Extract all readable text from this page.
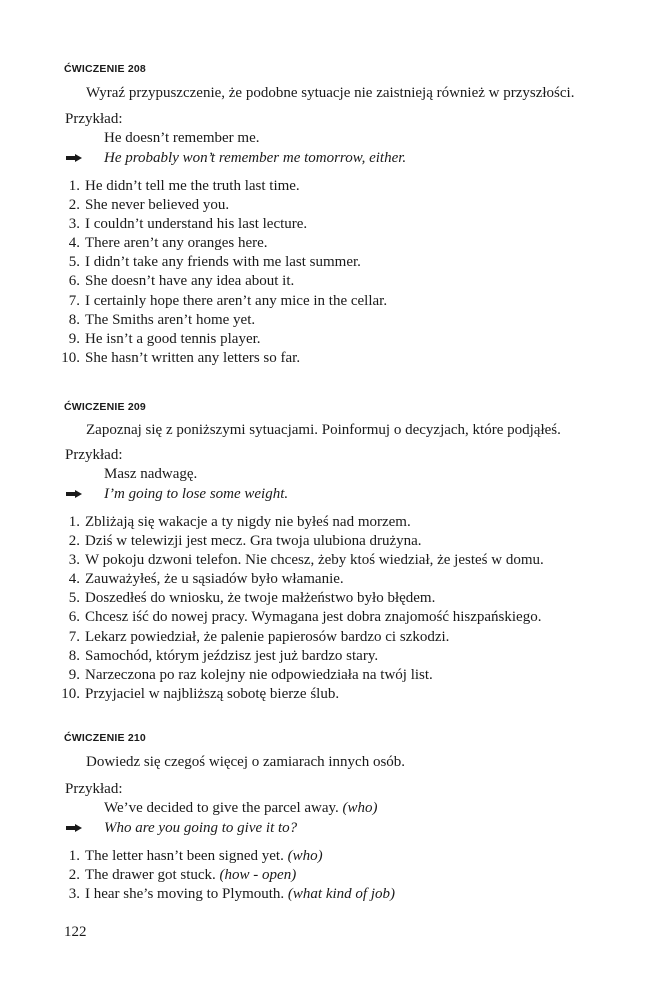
ĆWICZENIE 208
Wyraź przypuszczenie, że podobne sytuacje nie zaistnieją również w przyszłości.
Przykład:
He doesn’t remember me.
He probably won’t remember me tomorrow, either.
1. He didn’t tell me the truth last time.
2. She never believed you.
3. I couldn’t understand his last lecture.
4. There aren’t any oranges here.
5. I didn’t take any friends with me last summer.
6. She doesn’t have any idea about it.
7. I certainly hope there aren’t any mice in the cellar.
8. The Smiths aren’t home yet.
9. He isn’t a good tennis player.
10. She hasn’t written any letters so far.
ĆWICZENIE 209
Zapoznaj się z poniższymi sytuacjami. Poinformuj o decyzjach, które podjąłeś.
Przykład:
Masz nadwagę.
I’m going to lose some weight.
1. Zbliżają się wakacje a ty nigdy nie byłeś nad morzem.
2. Dziś w telewizji jest mecz. Gra twoja ulubiona drużyna.
3. W pokoju dzwoni telefon. Nie chcesz, żeby ktoś wiedział, że jesteś w domu.
4. Zauważyłeś, że u sąsiadów było włamanie.
5. Doszedłeś do wniosku, że twoje małżeństwo było błędem.
6. Chcesz iść do nowej pracy. Wymagana jest dobra znajomość hiszpańskiego.
7. Lekarz powiedział, że palenie papierosów bardzo ci szkodzi.
8. Samochód, którym jeździsz jest już bardzo stary.
9. Narzeczona po raz kolejny nie odpowiedziała na twój list.
10. Przyjaciel w najbliższą sobotę bierze ślub.
ĆWICZENIE 210
Dowiedz się czegoś więcej o zamiarach innych osób.
Przykład:
We’ve decided to give the parcel away. (who)
Who are you going to give it to?
1. The letter hasn’t been signed yet. (who)
2. The drawer got stuck. (how - open)
3. I hear she’s moving to Plymouth. (what kind of job)
122
